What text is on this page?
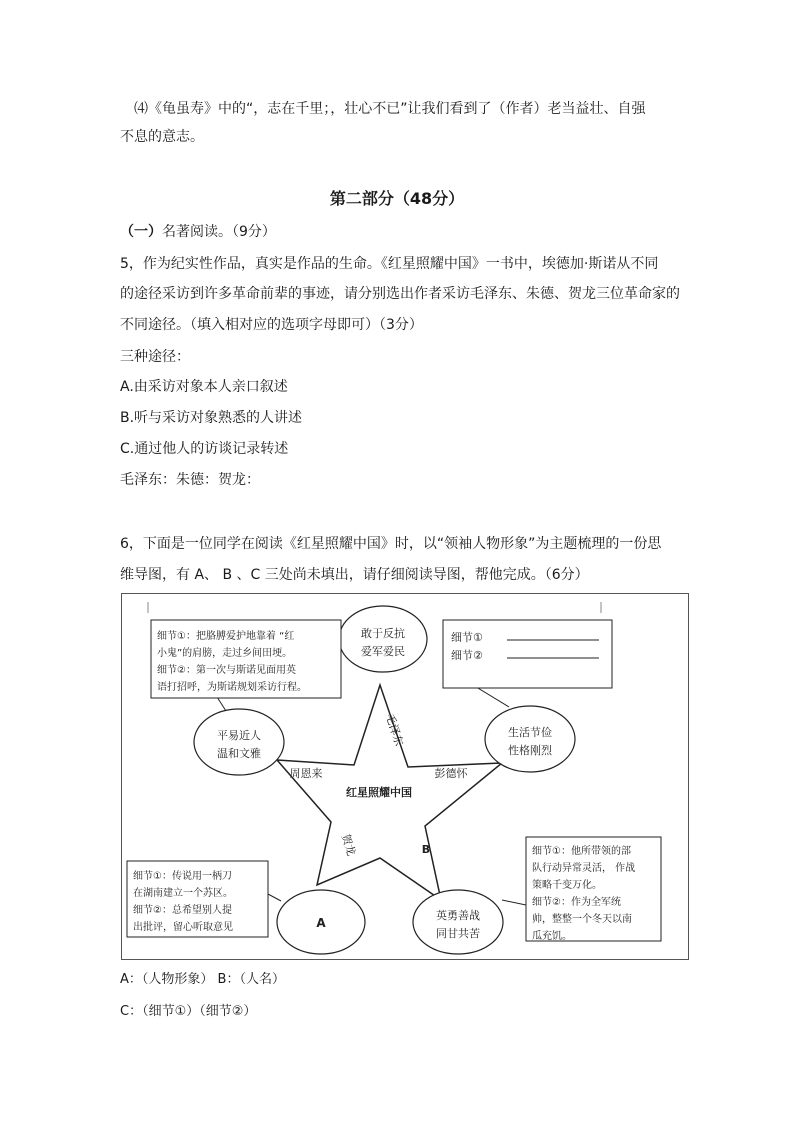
⑷《龟虽寿》中的“，志在千里；，壮心不已”让我们看到了（作者）老当益壮、自强
不息的意志。
第二部分（48分）
（一）名著阅读。（9分）
5，作为纪实性作品，真实是作品的生命。《红星照耀中国》一书中，埃德加·斯诺从不同
的途径采访到许多革命前辈的事迹，请分别选出作者采访毛泽东、朱德、贺龙三位革命家的
不同途径。（填入相对应的选项字母即可）（3分）
三种途径：
A.由采访对象本人亲口叙述
B.听与采访对象熟悉的人讲述
C.通过他人的访谈记录转述
毛泽东：朱德：贺龙：
6，下面是一位同学在阅读《红星照耀中国》时，以“领袖人物形象”为主题梳理的一份思
维导图，有 A、 B 、C 三处尚未填出，请仔细阅读导图，帮他完成。（6分）
红星照耀中国
毛泽东
彭德怀
周恩来
B
贺龙
敢于反抗
爱军爱民
平易近人
温和文雅
生活节俭
性格刚烈
A
英勇善战
同甘共苦
细节①：把胳膊爱护地靠着 “红
小鬼”的肩膀，走过乡间田埂。
细节②：第一次与斯诺见面用英
语打招呼，为斯诺规划采访行程。
细节①
细节②
细节①：传说用一柄刀
在湖南建立一个苏区。
细节②：总希望别人提
出批评，留心听取意见
细节①：他所带领的部
队行动异常灵活， 作战
策略千变万化。
细节②：作为全军统
帅，整整一个冬天以南
瓜充饥。
A：（人物形象） B：（人名）
C：（细节①）（细节②）
